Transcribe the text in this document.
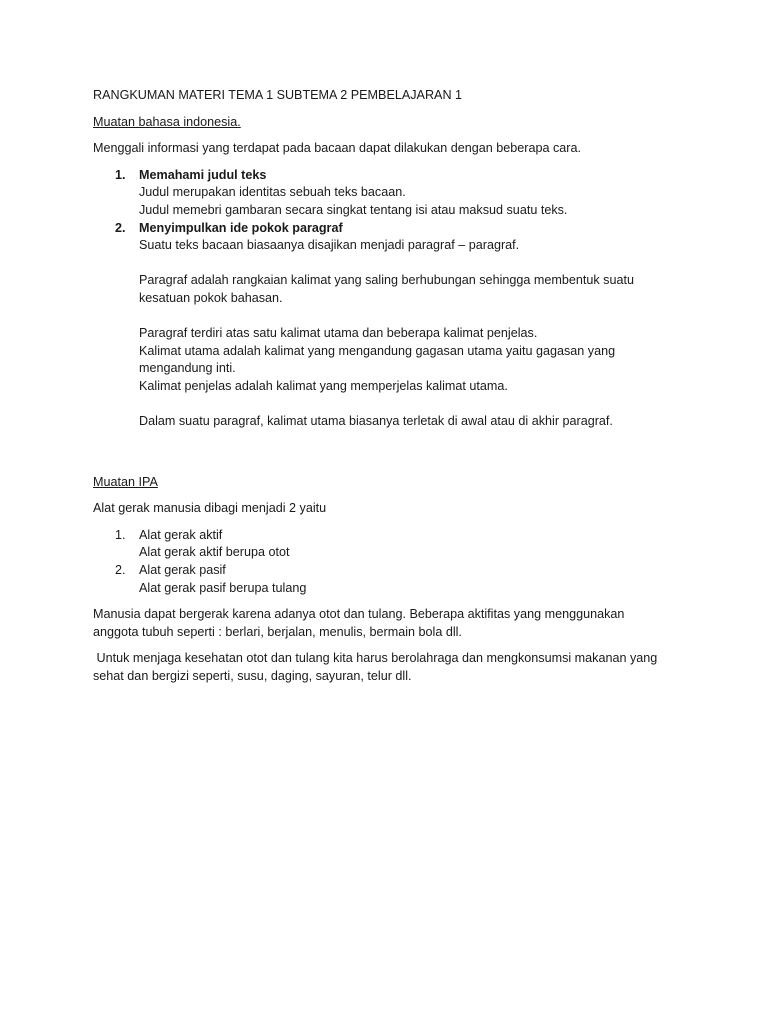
RANGKUMAN MATERI TEMA 1 SUBTEMA 2 PEMBELAJARAN 1
Muatan bahasa indonesia.
Menggali informasi yang terdapat pada bacaan dapat dilakukan dengan beberapa cara.
1. Memahami judul teks
Judul merupakan identitas sebuah teks bacaan.
Judul memebri gambaran secara singkat tentang isi atau maksud suatu teks.
2. Menyimpulkan ide pokok paragraf
Suatu teks bacaan biasaanya disajikan menjadi paragraf – paragraf.
Paragraf adalah rangkaian kalimat yang saling berhubungan sehingga membentuk suatu
kesatuan pokok bahasan.
Paragraf terdiri atas satu kalimat utama dan beberapa kalimat penjelas.
Kalimat utama adalah kalimat yang mengandung gagasan utama yaitu gagasan yang
mengandung inti.
Kalimat penjelas adalah kalimat yang memperjelas kalimat utama.
Dalam suatu paragraf, kalimat utama biasanya terletak di awal atau di akhir paragraf.
Muatan IPA
Alat gerak manusia dibagi menjadi 2 yaitu
1. Alat gerak aktif
Alat gerak aktif berupa otot
2. Alat gerak pasif
Alat gerak pasif berupa tulang
Manusia dapat bergerak karena adanya otot dan tulang. Beberapa aktifitas yang menggunakan
anggota tubuh seperti : berlari, berjalan, menulis, bermain bola dll.
Untuk menjaga kesehatan otot dan tulang kita harus berolahraga dan mengkonsumsi makanan yang
sehat dan bergizi seperti, susu, daging, sayuran, telur dll.
